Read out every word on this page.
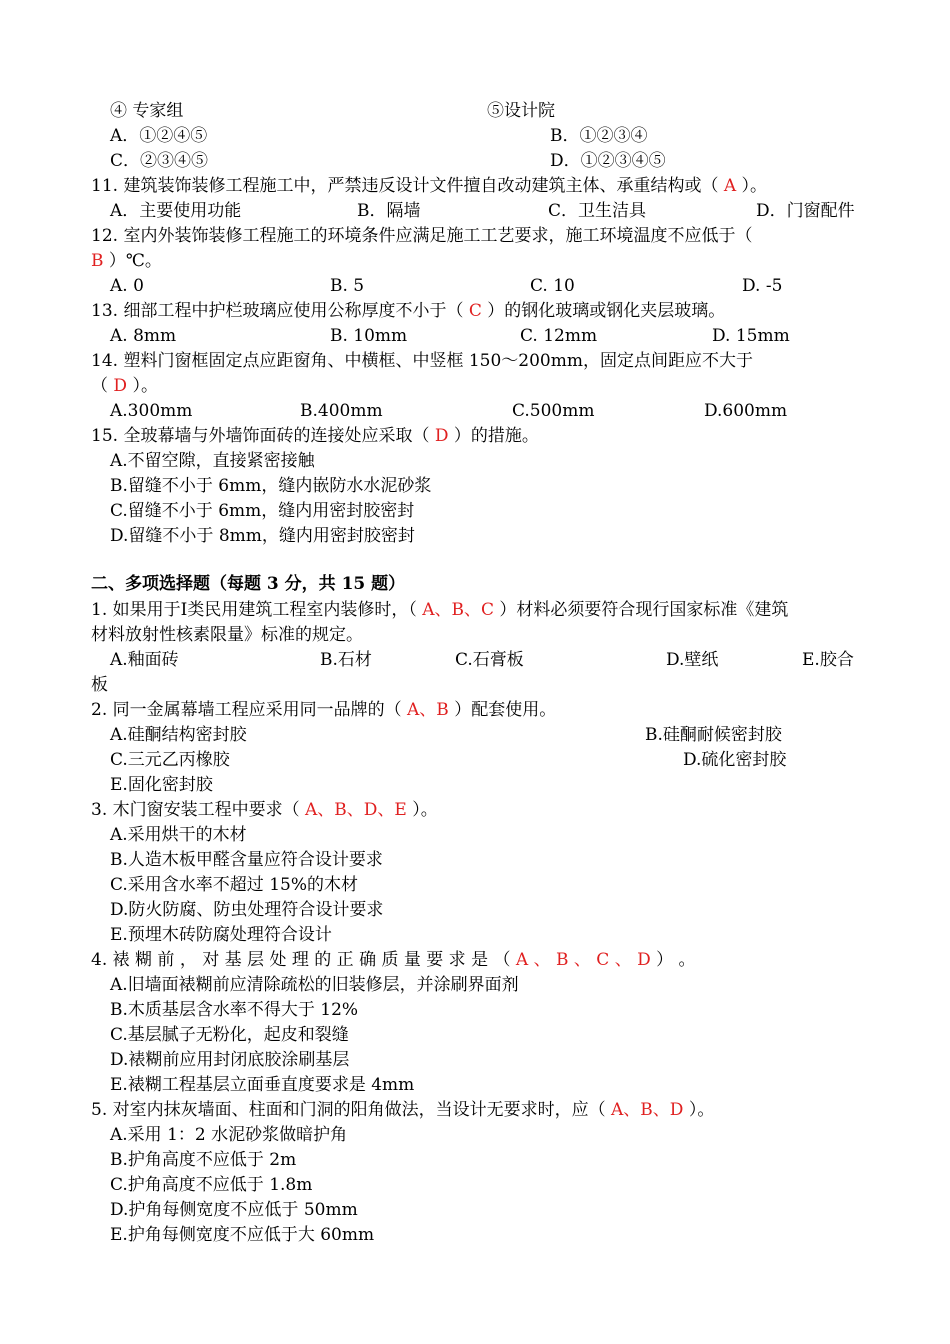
④ 专家组	⑤设计院
A．①②④⑤	B．①②③④
C．②③④⑤	D．①②③④⑤
11. 建筑装饰装修工程施工中，严禁违反设计文件擅自改动建筑主体、承重结构或（ A ）。
A．主要使用功能	B．隔墙	C．卫生洁具	D．门窗配件
12. 室内外装饰装修工程施工的环境条件应满足施工工艺要求，施工环境温度不应低于（
B ）℃。
A. 0	B. 5	C. 10	D. -5
13. 细部工程中护栏玻璃应使用公称厚度不小于（ C ）的钢化玻璃或钢化夹层玻璃。
A. 8mm	B. 10mm	C. 12mm	D. 15mm
14. 塑料门窗框固定点应距窗角、中横框、中竖框 150～200mm，固定点间距应不大于
（ D ）。
A.300mm	B.400mm	C.500mm	D.600mm
15. 全玻幕墙与外墙饰面砖的连接处应采取（ D ）的措施。
A.不留空隙，直接紧密接触
B.留缝不小于 6mm，缝内嵌防水水泥砂浆
C.留缝不小于 6mm，缝内用密封胶密封
D.留缝不小于 8mm，缝内用密封胶密封
二、多项选择题（每题 3 分，共 15 题）
1. 如果用于Ⅰ类民用建筑工程室内装修时，（ A、B、C ）材料必须要符合现行国家标准《建筑
材料放射性核素限量》标准的规定。
A.釉面砖	B.石材	C.石膏板	D.壁纸	E.胶合
板
2. 同一金属幕墙工程应采用同一品牌的（ A、B ）配套使用。
A.硅酮结构密封胶	B.硅酮耐候密封胶
C.三元乙丙橡胶	D.硫化密封胶
E.固化密封胶
3. 木门窗安装工程中要求（ A、B、D、E ）。
A.采用烘干的木材
B.人造木板甲醛含量应符合设计要求
C.采用含水率不超过 15%的木材
D.防火防腐、防虫处理符合设计要求
E.预埋木砖防腐处理符合设计
4. 裱 糊 前 ， 对 基 层 处 理 的 正 确 质 量 要 求 是 （ A 、 B 、 C 、 D ） 。
A.旧墙面裱糊前应清除疏松的旧装修层，并涂刷界面剂
B.木质基层含水率不得大于 12%
C.基层腻子无粉化，起皮和裂缝
D.裱糊前应用封闭底胶涂刷基层
E.裱糊工程基层立面垂直度要求是 4mm
5. 对室内抹灰墙面、柱面和门洞的阳角做法，当设计无要求时，应（ A、B、D ）。
A.采用 1：2 水泥砂浆做暗护角
B.护角高度不应低于 2m
C.护角高度不应低于 1.8m
D.护角每侧宽度不应低于 50mm
E.护角每侧宽度不应低于大 60mm
